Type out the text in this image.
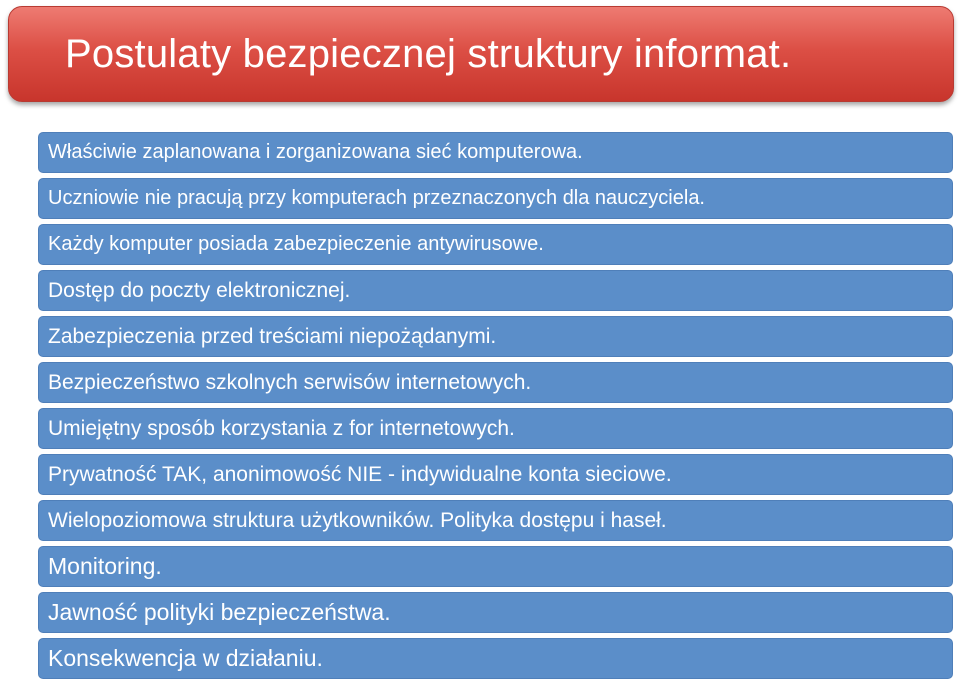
Postulaty bezpiecznej struktury informat.
Właściwie zaplanowana i zorganizowana sieć komputerowa.
Uczniowie nie pracują przy komputerach przeznaczonych dla nauczyciela.
Każdy komputer posiada zabezpieczenie antywirusowe.
Dostęp do poczty elektronicznej.
Zabezpieczenia przed treściami niepożądanymi.
Bezpieczeństwo szkolnych serwisów internetowych.
Umiejętny sposób korzystania z for internetowych.
Prywatność TAK, anonimowość NIE - indywidualne konta sieciowe.
Wielopoziomowa struktura użytkowników. Polityka dostępu i haseł.
Monitoring.
Jawność polityki bezpieczeństwa.
Konsekwencja w działaniu.
